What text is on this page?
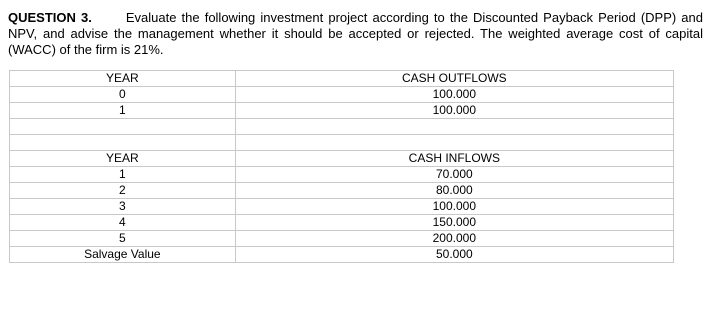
QUESTION 3.	Evaluate the following investment project according to the Discounted Payback Period (DPP) and NPV, and advise the management whether it should be accepted or rejected. The weighted average cost of capital (WACC) of the firm is 21%.
YEAR	CASH OUTFLOWS
0	100.000
1	100.000

YEAR	CASH INFLOWS
1	70.000
2	80.000
3	100.000
4	150.000
5	200.000
Salvage Value	50.000
